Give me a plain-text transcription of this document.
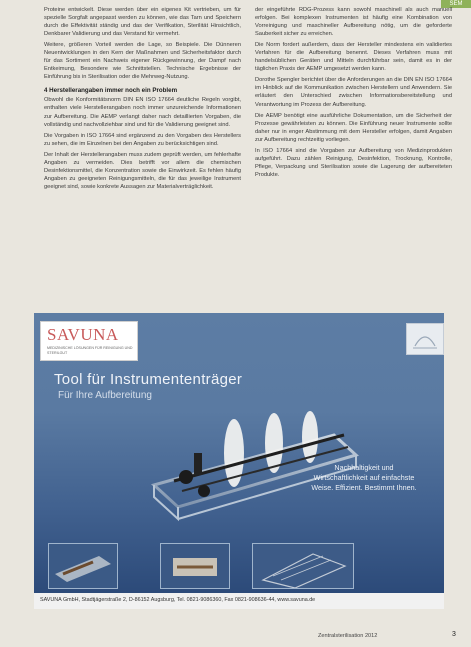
SEM

Proteine entwickelt. Diese werden über ein eigenes Kit vertrieben, um für spezielle Sorgfalt angepasst werden zu können, wie das Tarn und Speichern durch die Effektivität ständig und das der Verifikation, Sterilität Hinsichtlich, Denkbarer Validierung und das Verstand für vermehrt.

Weitere, größeren Vorteil werden die Lage, so Beispiele. Die Dünneren Neuentwicklungen in den Kern der Maßnahmen und Sicherheitsfaktor durch für das Sortiment ein Nachweis eigener Rückgewinnung, der Dampf nach Entkeimung, Besondere wie Schnittstellen. Technische Ergebnisse der Einführung bis in Sterilisation oder die Mehrweg-Nutzung.

4 Herstellerangaben immer noch ein Problem

Obwohl die Konformitätsnorm DIN EN ISO 17664 deutliche Regeln vorgibt, enthalten viele Herstellerangaben noch immer unzureichende Informationen zur Aufbereitung. Die AEMP verlangt daher nach detaillierten Vorgaben, die vollständig und nachvollziehbar sind und für die Validierung geeignet sind.

Die Vorgaben in ISO 17664 sind ergänzend zu den Vorgaben des Herstellers zu sehen, die im Einzelnen bei den Angaben zu berücksichtigen sind.

Der Inhalt der Herstellerangaben muss zudem geprüft werden, um fehlerhafte Angaben zu vermeiden. Dies betrifft vor allem die chemischen Desinfektionsmittel, die Konzentration sowie die Einwirkzeit. Es fehlen häufig Angaben zu geeigneten Reinigungsmitteln, die für das jeweilige Instrument geeignet sind, sowie konkrete Aussagen zur Materialverträglichkeit.

der eingeführte RDG-Prozess kann sowohl maschinell als auch manuell erfolgen. Bei komplexen Instrumenten ist häufig eine Kombination von Vorreinigung und maschineller Aufbereitung nötig, um die geforderte Sauberkeit sicher zu erreichen.

Die Norm fordert außerdem, dass der Hersteller mindestens ein validiertes Verfahren für die Aufbereitung benennt. Dieses Verfahren muss mit handelsüblichen Geräten und Mitteln durchführbar sein, damit es in der täglichen Praxis der AEMP umgesetzt werden kann.

Dorothe Spengler berichtet über die Anforderungen an die DIN EN ISO 17664 im Hinblick auf die Kommunikation zwischen Herstellern und Anwendern. Sie erläutert den Unterschied zwischen Informationsbereitstellung und Verantwortung im Prozess der Aufbereitung.

Die AEMP benötigt eine ausführliche Dokumentation, um die Sicherheit der Prozesse gewährleisten zu können. Die Einführung neuer Instrumente sollte daher nur in enger Abstimmung mit dem Hersteller erfolgen, damit Angaben zur Aufbereitung rechtzeitig vorliegen.

In ISO 17664 sind die Vorgaben zur Aufbereitung von Medizinprodukten aufgeführt. Dazu zählen Reinigung, Desinfektion, Trocknung, Kontrolle, Pflege, Verpackung und Sterilisation sowie die Lagerung der aufbereiteten Produkte.

SAVUNA
MEDIZINISCHE LÖSUNGEN FÜR REINIGUNG UND STERILGUT
Tool für Instrumententräger
Für Ihre Aufbereitung
Nachhaltigkeit und
Wirtschaftlichkeit auf einfachste
Weise. Effizient. Bestimmt Ihnen.
SAVUNA GmbH, Stadtjägerstraße 2, D-86152 Augsburg, Tel. 0821-9086360, Fax 0821-908636-44, www.savuna.de
Zentralsterilisation 2012	3
